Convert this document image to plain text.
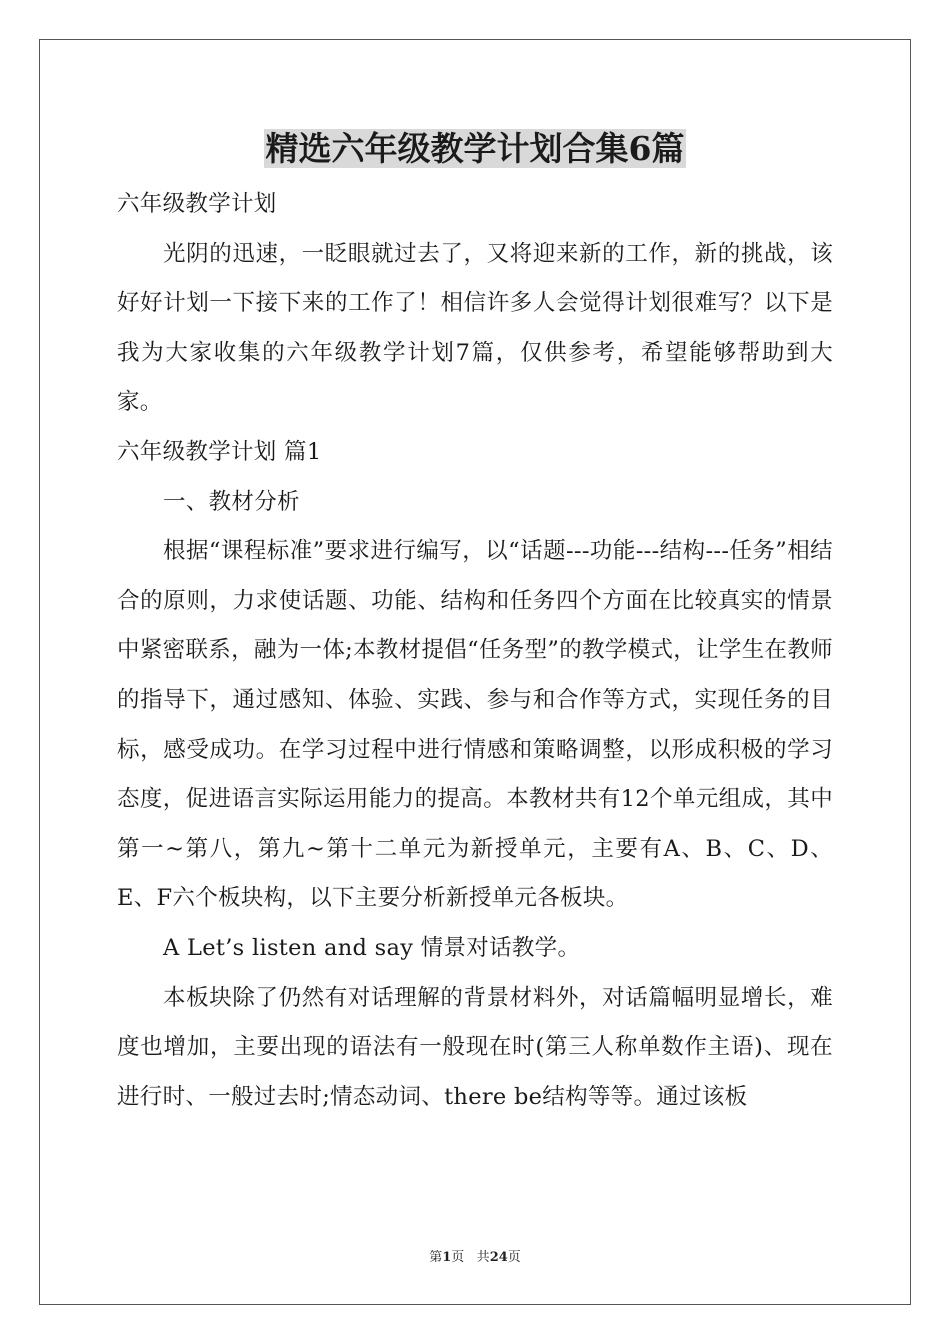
精选六年级教学计划合集6篇

六年级教学计划

光阴的迅速，一眨眼就过去了，又将迎来新的工作，新的挑战，该好好计划一下接下来的工作了！相信许多人会觉得计划很难写？以下是我为大家收集的六年级教学计划7篇，仅供参考，希望能够帮助到大家。

六年级教学计划 篇1

一、教材分析

根据“课程标准”要求进行编写，以“话题---功能---结构---任务”相结合的原则，力求使话题、功能、结构和任务四个方面在比较真实的情景中紧密联系，融为一体;本教材提倡“任务型”的教学模式，让学生在教师的指导下，通过感知、体验、实践、参与和合作等方式，实现任务的目标，感受成功。在学习过程中进行情感和策略调整，以形成积极的学习态度，促进语言实际运用能力的提高。本教材共有12个单元组成，其中第一~第八，第九~第十二单元为新授单元，主要有A、B、C、D、E、F六个板块构，以下主要分析新授单元各板块。

A Let’s listen and say 情景对话教学。

本板块除了仍然有对话理解的背景材料外，对话篇幅明显增长，难度也增加，主要出现的语法有一般现在时(第三人称单数作主语)、现在进行时、一般过去时;情态动词、there be结构等等。通过该板

第1页 共24页
